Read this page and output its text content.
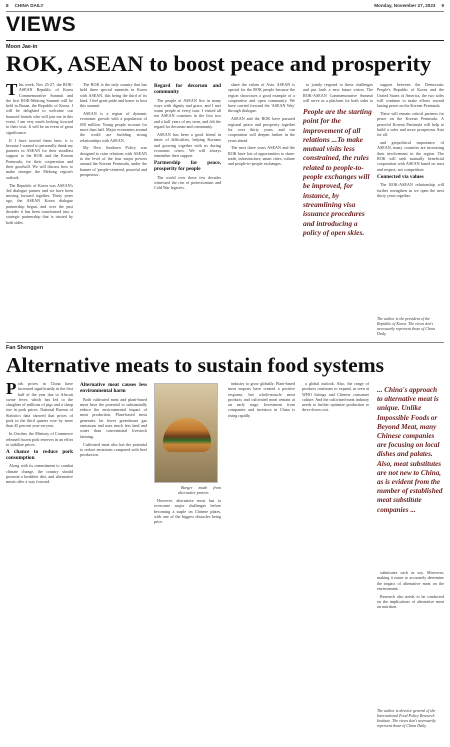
8 CHINA DAILY	Monday, November 27, 2023 9
VIEWS
Moon Jae-in
ROK, ASEAN to boost peace and prosperity

This week, Nov 25-27, the ROK-ASEAN Republic of Korea Commemorative Summit and the first ROK-Mekong Summit will be held in Busan, the Republic of Korea. I will be delighted to welcome our honored friends who will join me in this event. I am very much looking forward to their visit. It will be an event of great significance.

If I have invited them here, it is because I wanted to personally thank my partners in ASEAN for their steadfast support to the ROK and the Korean Peninsula, for their cooperation and their goodwill. We will discuss how to make stronger the Mekong region's outlook.

The Republic of Korea was ASEAN's 3rd dialogue partner and we have been moving forward together. Thirty years ago, the ASEAN Korea dialogue partnership began, and over the past decades it has been transformed into a strategic partnership that is trusted by both sides.

The ROK is the only country that has held three special summits in Korea with ASEAN, this being the third of its kind. I feel great pride and honor to host this summit.

ASEAN is a region of dynamic economic growth with a population of 650 million. Young people account for more than half. Major economies around the world are building strong relationships with ASEAN.

My New Southern Policy was designed to raise relations with ASEAN to the level of the four major powers around the Korean Peninsula, under the banner of 'people-centered, peaceful and prosperous'.

Regard for decorum and community

The people of ASEAN live in many ways with dignity and grace, and I met warm people at every turn. I visited all ten ASEAN countries in the first two and a half years of my term, and felt the regard for decorum and community.

ASEAN has been a good friend in times of difficulties, helping Koreans and growing together with us during economic crises. We will always remember their support.

Partnership for peace, prosperity for people

The world over these few decades witnessed the rise of protectionism and Cold War legacies.

share the values of Asia. ASEAN is special for the ROK people because the region showcases a good example of a cooperative and open community. We have carried forward the 'ASEAN Way' through dialogue.

ASEAN and the ROK have pursued regional peace and prosperity together for over thirty years, and our cooperation will deepen further in the years ahead.

The next three years ASEAN and the ROK have lots of opportunities to share: trade, infrastructure, smart cities, culture and people-to-people exchanges.

to jointly respond to these challenges and put forth a new future vision. The ROK-ASEAN Commemorative Summit will serve as a platform for both sides to

People are the starting point for the improvement of all relations ...To make mutual visits less constrained, the rules related to people-to-people exchanges will be improved, for instance, by streamlining visa issuance procedures and introducing a policy of open skies.

support between the Democratic People's Republic of Korea and the United States of America, the two sides will continue to make efforts toward lasting peace on the Korean Peninsula.

These will remain critical partners for peace on the Korean Peninsula. A peaceful Korean Peninsula will help to build a safer and more prosperous Asia for all.

and geopolitical importance of ASEAN, many countries are increasing their involvement in the region. The ROK will seek mutually beneficial cooperation with ASEAN based on trust and respect, not competition.

Connected via values

The ROK-ASEAN relationship will further strengthen as we open the next thirty years together.

The author is the president of the Republic of Korea. The views don't necessarily represent those of China Daily.
Fan Shenggen
Alternative meats to sustain food systems

Pork prices in China have increased significantly in the first half of the year due to African swine fever, which has led to the slaughter of millions of pigs and a sharp rise in pork prices. National Bureau of Statistics data showed that prices of pork in the third quarter rose by more than 45 percent year-on-year.

In October, the Ministry of Commerce released frozen pork reserves in an effort to stabilize prices.

A chance to reduce pork consumption

Along with its commitment to combat climate change, the country should promote a healthier diet, and alternative meats offer a way forward.

Alternative meat causes less environmental harm

Both cultivated meat and plant-based meat have the potential to substantially reduce the environmental impact of meat production. Plant-based meat generates far fewer greenhouse gas emissions and uses much less land and water than conventional livestock farming.

Cultivated meat also has the potential to reduce emissions compared with beef production.

Burger made from alternative protein.

However, alternative meat has to overcome major challenges before becoming a staple on Chinese plates, with one of the biggest obstacles being price.

industry to grow globally. Plant-based meat imports have created a positive response, but whole-muscle meat products and cultivated meat remain at an early stage. Investment from companies and investors in China is rising rapidly.

a global outlook. Also, the range of products continues to expand, as seen at WHO listings and Chinese consumer culture. And the cultivated meat industry needs to further optimize production to drive down cost.

... China's approach to alternative meat is unique. Unlike Impossible Foods or Beyond Meat, many Chinese companies are focusing on local dishes and palates. Also, meat substitutes are not new to China, as is evident from the number of established meat substitute companies ...

substitutes such as soy. Moreover, making it easier to accurately determine the impact of alternative meat on the environment.

Research also needs to be conducted on the implications of alternative meat on nutrition.

The author is director general of the International Food Policy Research Institute. The views don't necessarily represent those of China Daily.
